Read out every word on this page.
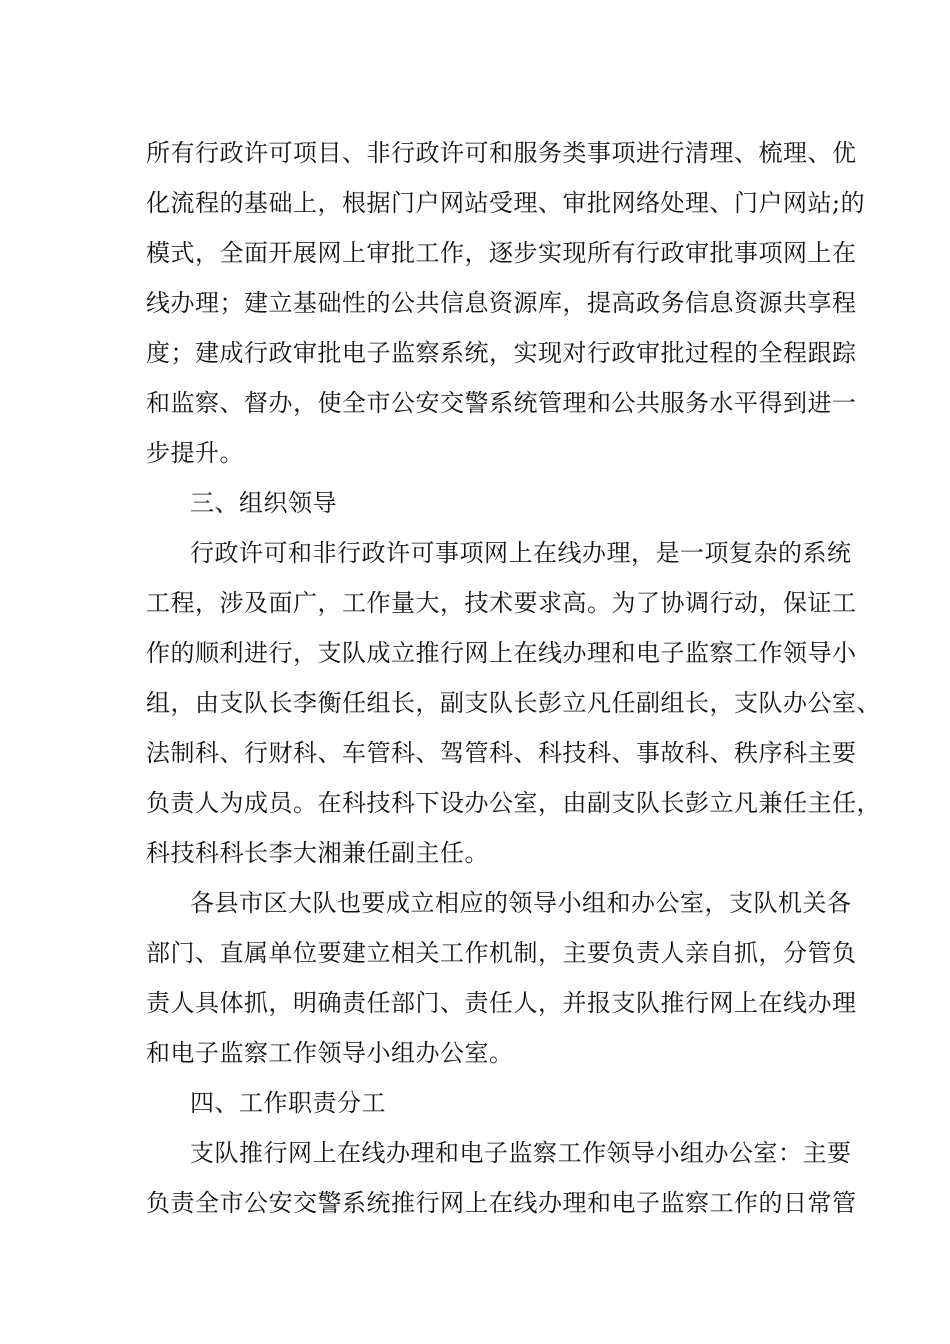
所有行政许可项目、非行政许可和服务类事项进行清理、梳理、优
化流程的基础上，根据门户网站受理、审批网络处理、门户网站;的
模式，全面开展网上审批工作，逐步实现所有行政审批事项网上在
线办理；建立基础性的公共信息资源库，提高政务信息资源共享程
度；建成行政审批电子监察系统，实现对行政审批过程的全程跟踪
和监察、督办，使全市公安交警系统管理和公共服务水平得到进一
步提升。
三、组织领导
行政许可和非行政许可事项网上在线办理，是一项复杂的系统
工程，涉及面广，工作量大，技术要求高。为了协调行动，保证工
作的顺利进行，支队成立推行网上在线办理和电子监察工作领导小
组，由支队长李衡任组长，副支队长彭立凡任副组长，支队办公室、
法制科、行财科、车管科、驾管科、科技科、事故科、秩序科主要
负责人为成员。在科技科下设办公室，由副支队长彭立凡兼任主任，
科技科科长李大湘兼任副主任。
各县市区大队也要成立相应的领导小组和办公室，支队机关各
部门、直属单位要建立相关工作机制，主要负责人亲自抓，分管负
责人具体抓，明确责任部门、责任人，并报支队推行网上在线办理
和电子监察工作领导小组办公室。
四、工作职责分工
支队推行网上在线办理和电子监察工作领导小组办公室：主要
负责全市公安交警系统推行网上在线办理和电子监察工作的日常管
